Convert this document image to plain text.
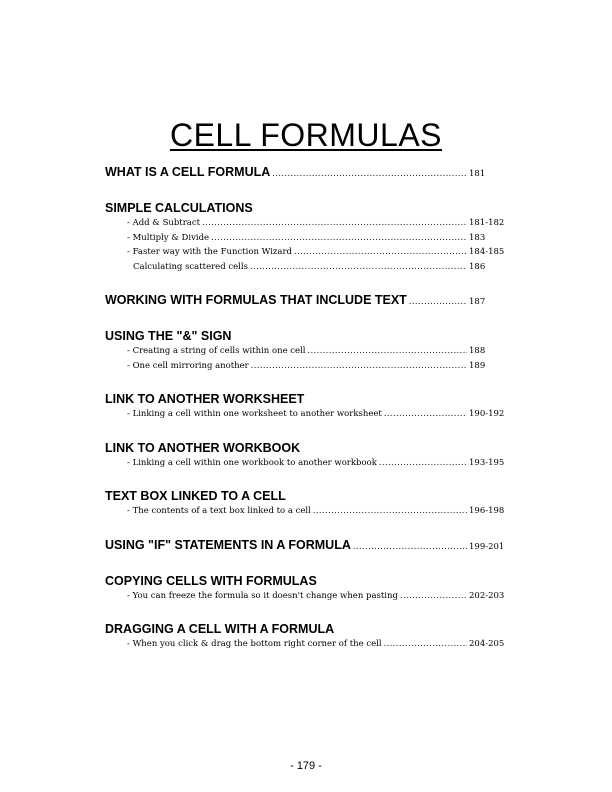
CELL FORMULAS
WHAT IS A CELL FORMULA .....	181
SIMPLE CALCULATIONS
- Add & Subtract .....	181-182
- Multiply & Divide .....	183
- Faster way with the Function Wizard .....	184-185
Calculating scattered cells .....	186
WORKING WITH FORMULAS THAT INCLUDE TEXT .....	187
USING THE "&" SIGN
- Creating a string of cells within one cell .....	188
- One cell mirroring another .....	189
LINK TO ANOTHER WORKSHEET
- Linking a cell within one worksheet to another worksheet .....	190-192
LINK TO ANOTHER WORKBOOK
- Linking a cell within one workbook to another workbook .....	193-195
TEXT BOX LINKED TO A CELL
- The contents of a text box linked to a cell .....	196-198
USING "IF" STATEMENTS IN A FORMULA .....	199-201
COPYING CELLS WITH FORMULAS
- You can freeze the formula so it doesn't change when pasting .....	202-203
DRAGGING A CELL WITH A FORMULA
- When you click & drag the bottom right corner of the cell .....	204-205
- 179 -
